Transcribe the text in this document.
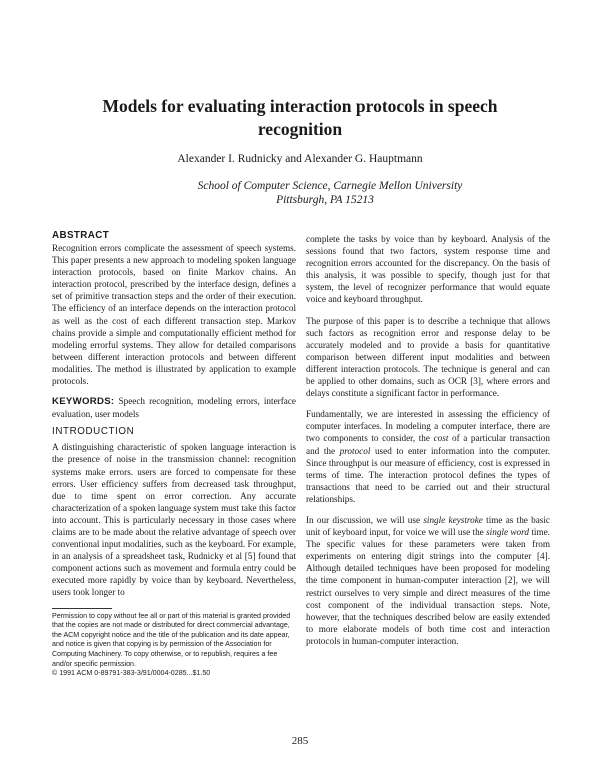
Models for evaluating interaction protocols in speech
recognition
Alexander I. Rudnicky and Alexander G. Hauptmann
School of Computer Science, Carnegie Mellon University
Pittsburgh, PA 15213

ABSTRACT

Recognition errors complicate the assessment of speech systems. This paper presents a new approach to modeling spoken language interaction protocols, based on finite Markov chains. An interaction protocol, prescribed by the interface design, defines a set of primitive transaction steps and the order of their execution. The efficiency of an interface depends on the interaction protocol as well as the cost of each different transaction step. Markov chains provide a simple and computationally efficient method for modeling errorful systems. They allow for detailed comparisons between different interaction protocols and between different modalities. The method is illustrated by application to example protocols.

KEYWORDS: Speech recognition, modeling errors, interface evaluation, user models

INTRODUCTION

A distinguishing characteristic of spoken language interaction is the presence of noise in the transmission channel: recognition systems make errors. users are forced to compensate for these errors. User efficiency suffers from decreased task throughput, due to time spent on error correction. Any accurate characterization of a spoken language system must take this factor into account. This is particularly necessary in those cases where claims are to be made about the relative advantage of speech over conventional input modalities, such as the keyboard. For example, in an analysis of a spreadsheet task, Rudnicky et al [5] found that component actions such as movement and formula entry could be executed more rapidly by voice than by keyboard. Nevertheless, users took longer to

Permission to copy without fee all or part of this material is granted provided that the copies are not made or distributed for direct commercial advantage, the ACM copyright notice and the title of the publication and its date appear, and notice is given that copying is by permission of the Association for Computing Machinery. To copy otherwise, or to republish, requires a fee and/or specific permission.

© 1991 ACM 0-89791-383-3/91/0004-0285...$1.50

complete the tasks by voice than by keyboard. Analysis of the sessions found that two factors, system response time and recognition errors accounted for the discrepancy. On the basis of this analysis, it was possible to specify, though just for that system, the level of recognizer performance that would equate voice and keyboard throughput.

The purpose of this paper is to describe a technique that allows such factors as recognition error and response delay to be accurately modeled and to provide a basis for quantitative comparison between different input modalities and between different interaction protocols. The technique is general and can be applied to other domains, such as OCR [3], where errors and delays constitute a significant factor in performance.

Fundamentally, we are interested in assessing the efficiency of computer interfaces. In modeling a computer interface, there are two components to consider, the cost of a particular transaction and the protocol used to enter information into the computer. Since throughput is our measure of efficiency, cost is expressed in terms of time. The interaction protocol defines the types of transactions that need to be carried out and their structural relationships.

In our discussion, we will use single keystroke time as the basic unit of keyboard input, for voice we will use the single word time. The specific values for these parameters were taken from experiments on entering digit strings into the computer [4]. Although detailed techniques have been proposed for modeling the time component in human-computer interaction [2], we will restrict ourselves to very simple and direct measures of the time cost component of the individual transaction steps. Note, however, that the techniques described below are easily extended to more elaborate models of both time cost and interaction protocols in human-computer interaction.

285
